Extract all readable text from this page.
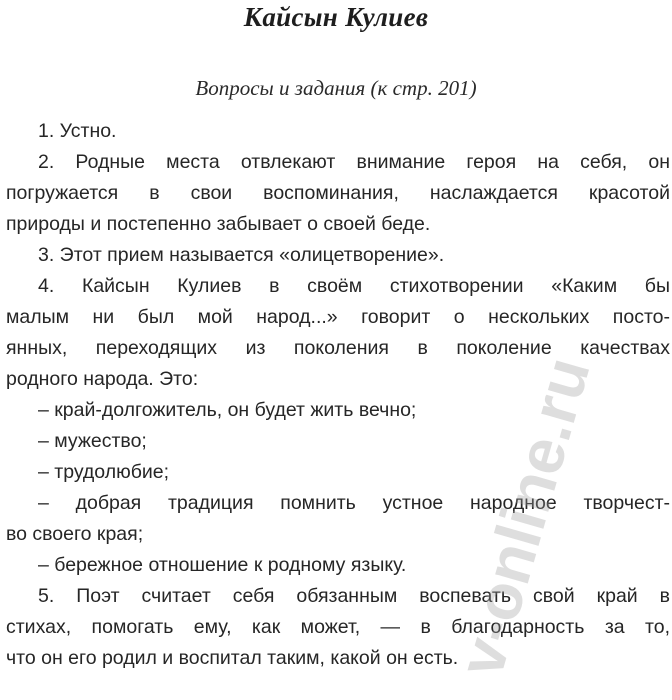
Кайсын Кулиев
Вопросы и задания (к стр. 201)
1. Устно.
2. Родные места отвлекают внимание героя на себя, он
погружается в свои воспоминания, наслаждается красотой
природы и постепенно забывает о своей беде.
3. Этот прием называется «олицетворение».
4. Кайсын Кулиев в своём стихотворении «Каким бы
малым ни был мой народ...» говорит о нескольких посто-
янных, переходящих из поколения в поколение качествах
родного народа. Это:
– край-долгожитель, он будет жить вечно;
– мужество;
– трудолюбие;
– добрая традиция помнить устное народное творчест-
во своего края;
– бережное отношение к родному языку.
5. Поэт считает себя обязанным воспевать свой край в
стихах, помогать ему, как может, — в благодарность за то,
что он его родил и воспитал таким, какой он есть.
v-online.ru
